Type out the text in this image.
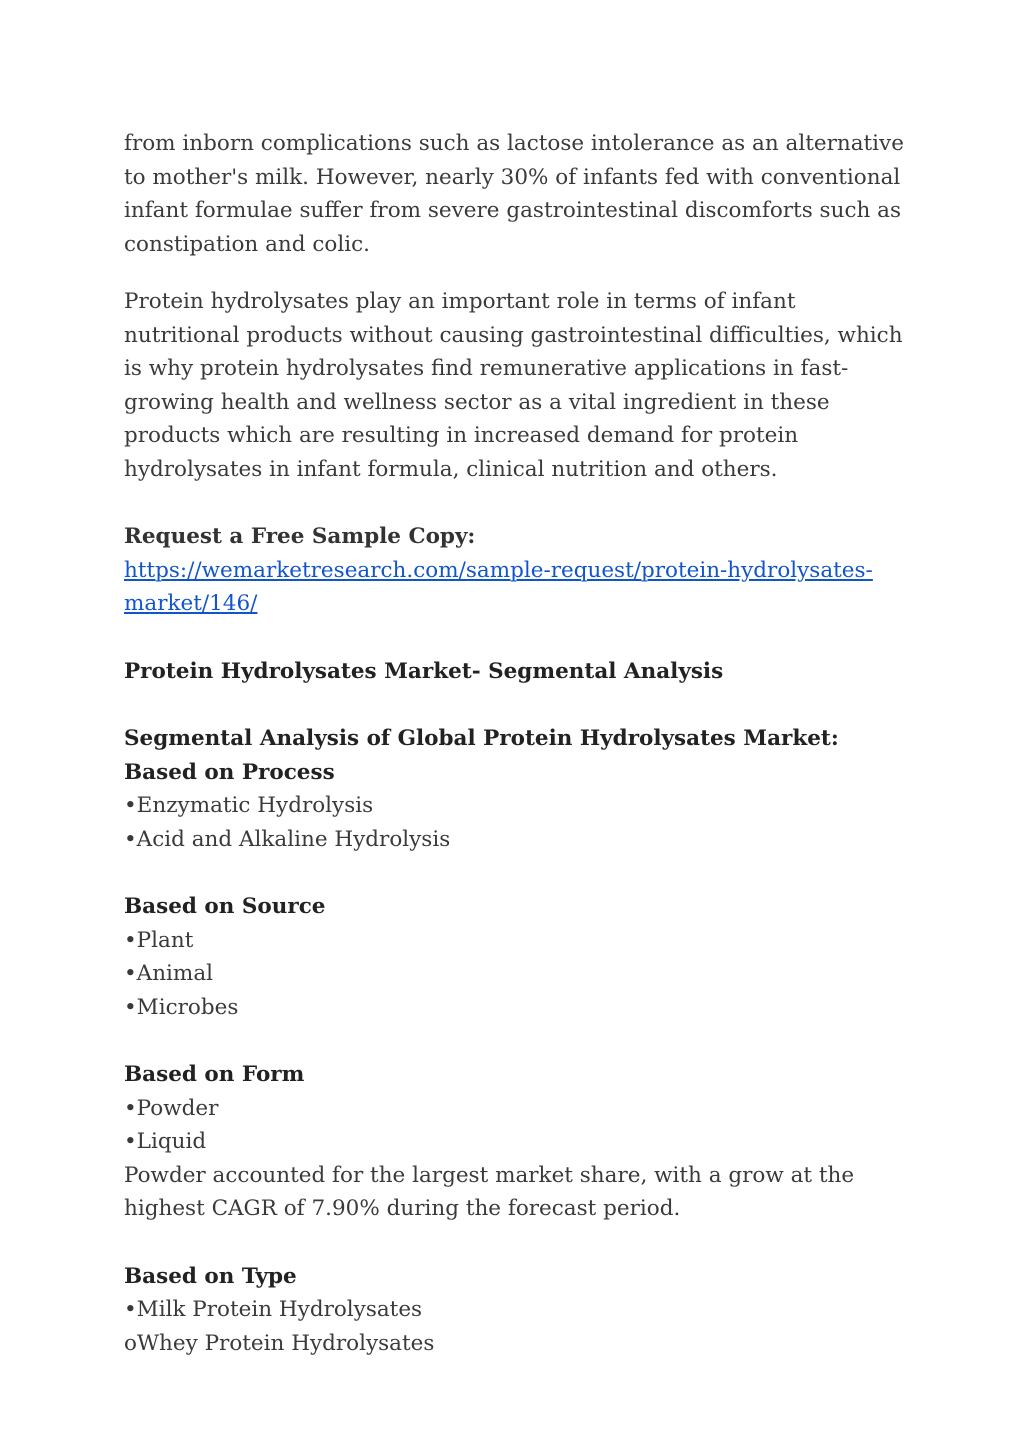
from inborn complications such as lactose intolerance as an alternative to mother's milk. However, nearly 30% of infants fed with conventional infant formulae suffer from severe gastrointestinal discomforts such as constipation and colic.

Protein hydrolysates play an important role in terms of infant nutritional products without causing gastrointestinal difficulties, which is why protein hydrolysates find remunerative applications in fast-growing health and wellness sector as a vital ingredient in these products which are resulting in increased demand for protein hydrolysates in infant formula, clinical nutrition and others.

Request a Free Sample Copy:  https://wemarketresearch.com/sample-request/protein-hydrolysates-market/146/

Protein Hydrolysates Market- Segmental Analysis

Segmental Analysis of Global Protein Hydrolysates Market:

Based on Process

•Enzymatic Hydrolysis

•Acid and Alkaline Hydrolysis

Based on Source

•Plant

•Animal

•Microbes

Based on Form

•Powder

•Liquid

Powder accounted for the largest market share, with a grow at the highest CAGR of 7.90% during the forecast period.

Based on Type

•Milk Protein Hydrolysates

oWhey Protein Hydrolysates
